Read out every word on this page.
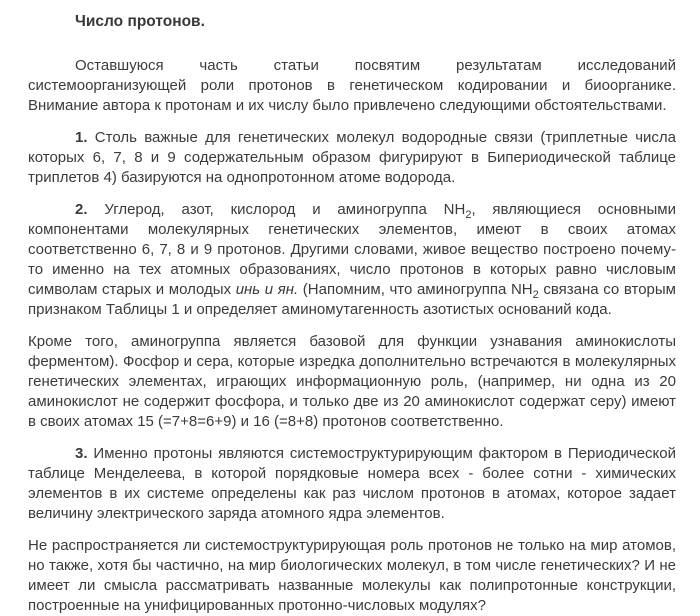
Число протонов.

Оставшуюся часть статьи посвятим результатам исследований системоорганизующей роли протонов в генетическом кодировании и биоорганике. Внимание автора к протонам и их числу было привлечено следующими обстоятельствами.

1. Столь важные для генетических молекул водородные связи (триплетные числа которых 6, 7, 8 и 9 содержательным образом фигурируют в Бипериодической таблице триплетов 4) базируются на однопротонном атоме водорода.

2. Углерод, азот, кислород и аминогруппа $NH_2$, являющиеся основными компонентами молекулярных генетических элементов, имеют в своих атомах соответственно 6, 7, 8 и 9 протонов. Другими словами, живое вещество построено почему-то именно на тех атомных образованиях, число протонов в которых равно числовым символам старых и молодых инь и ян. (Напомним, что аминогруппа $NH_2$ связана со вторым признаком Таблицы 1 и определяет аминомутагенность азотистых оснований кода.

Кроме того, аминогруппа является базовой для функции узнавания аминокислоты ферментом). Фосфор и сера, которые изредка дополнительно встречаются в молекулярных генетических элементах, играющих информационную роль, (например, ни одна из 20 аминокислот не содержит фосфора, и только две из 20 аминокислот содержат серу) имеют в своих атомах 15 (=7+8=6+9) и 16 (=8+8) протонов соответственно.

3. Именно протоны являются системоструктурирующим фактором в Периодической таблице Менделеева, в которой порядковые номера всех - более сотни - химических элементов в их системе определены как раз числом протонов в атомах, которое задает величину электрического заряда атомного ядра элементов.

Не распространяется ли системоструктурирующая роль протонов не только на мир атомов, но также, хотя бы частично, на мир биологических молекул, в том числе генетических? И не имеет ли смысла рассматривать названные молекулы как полипротонные конструкции, построенные на унифицированных протонно-числовых модулях?
